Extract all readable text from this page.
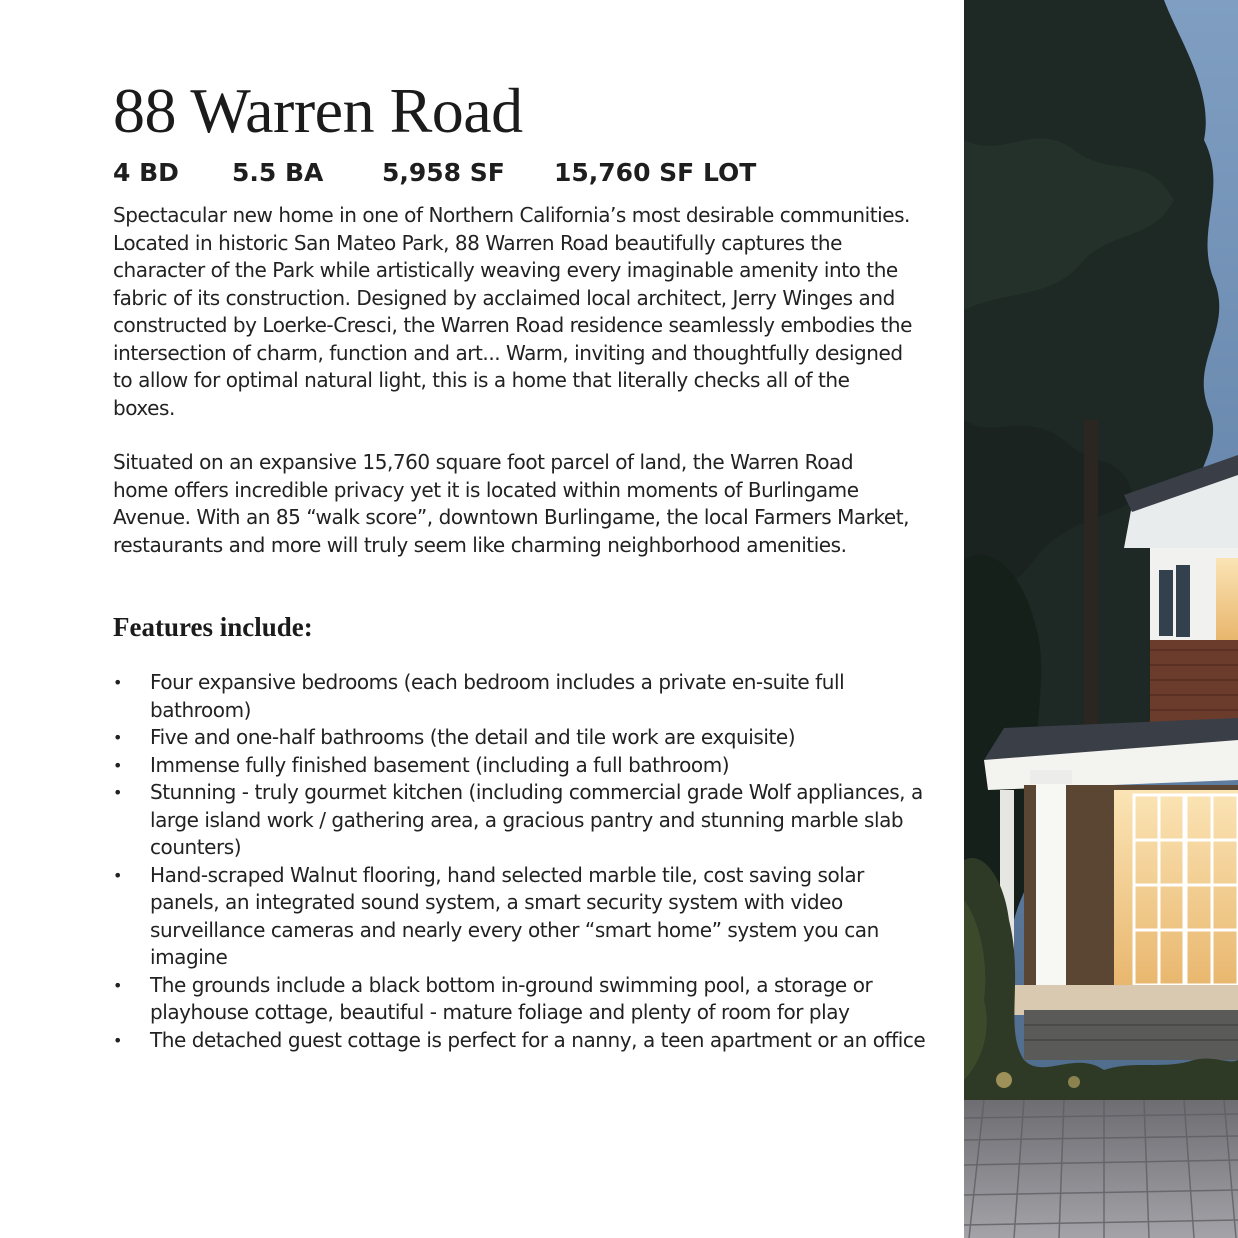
88 Warren Road
4 BD	5.5 BA	5,958 SF	15,760 SF LOT

Spectacular new home in one of Northern California’s most desirable communities. Located in historic San Mateo Park, 88 Warren Road beautifully captures the character of the Park while artistically weaving every imaginable amenity into the fabric of its construction. Designed by acclaimed local architect, Jerry Winges and constructed by Loerke-Cresci, the Warren Road residence seamlessly embodies the intersection of charm, function and art... Warm, inviting and thoughtfully designed to allow for optimal natural light, this is a home that literally checks all of the boxes.

Situated on an expansive 15,760 square foot parcel of land, the Warren Road home offers incredible privacy yet it is located within moments of Burlingame Avenue. With an 85 “walk score”, downtown Burlingame, the local Farmers Market, restaurants and more will truly seem like charming neighborhood amenities.

Features include:
• Four expansive bedrooms (each bedroom includes a private en-suite full bathroom)
• Five and one-half bathrooms (the detail and tile work are exquisite)
• Immense fully finished basement (including a full bathroom)
• Stunning - truly gourmet kitchen (including commercial grade Wolf appliances, a large island work / gathering area, a gracious pantry and stunning marble slab counters)
• Hand-scraped Walnut flooring, hand selected marble tile, cost saving solar panels, an integrated sound system, a smart security system with video surveillance cameras and nearly every other “smart home” system you can imagine
• The grounds include a black bottom in-ground swimming pool, a storage or playhouse cottage, beautiful - mature foliage and plenty of room for play
• The detached guest cottage is perfect for a nanny, a teen apartment or an office
